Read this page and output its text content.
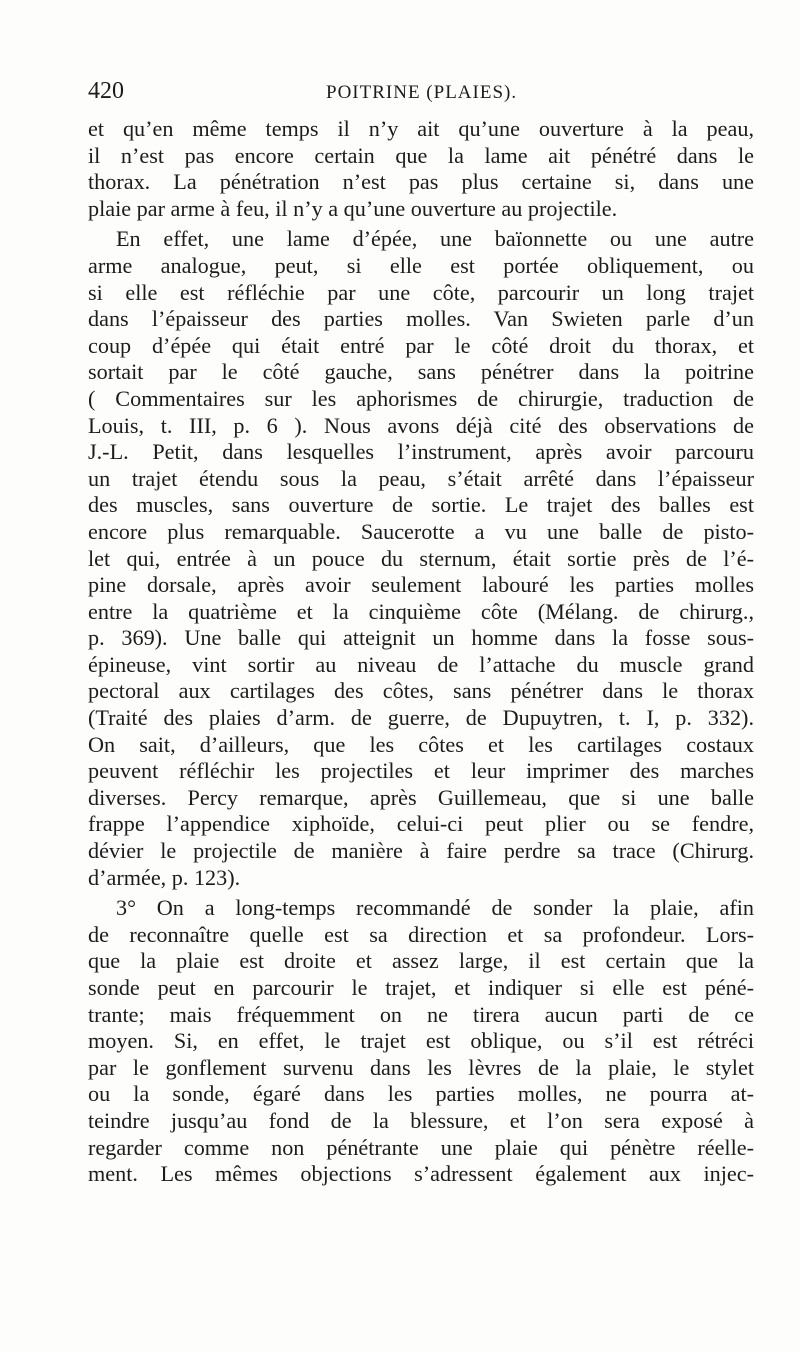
420	POITRINE (PLAIES).
et qu’en même temps il n’y ait qu’une ouverture à la peau,
il n’est pas encore certain que la lame ait pénétré dans le
thorax. La pénétration n’est pas plus certaine si, dans une
plaie par arme à feu, il n’y a qu’une ouverture au projectile.
En effet, une lame d’épée, une baïonnette ou une autre
arme analogue, peut, si elle est portée obliquement, ou
si elle est réfléchie par une côte, parcourir un long trajet
dans l’épaisseur des parties molles. Van Swieten parle d’un
coup d’épée qui était entré par le côté droit du thorax, et
sortait par le côté gauche, sans pénétrer dans la poitrine
( Commentaires sur les aphorismes de chirurgie, traduction de
Louis, t. III, p. 6 ). Nous avons déjà cité des observations de
J.-L. Petit, dans lesquelles l’instrument, après avoir parcouru
un trajet étendu sous la peau, s’était arrêté dans l’épaisseur
des muscles, sans ouverture de sortie. Le trajet des balles est
encore plus remarquable. Saucerotte a vu une balle de pisto-
let qui, entrée à un pouce du sternum, était sortie près de l’é-
pine dorsale, après avoir seulement labouré les parties molles
entre la quatrième et la cinquième côte (Mélang. de chirurg.,
p. 369). Une balle qui atteignit un homme dans la fosse sous-
épineuse, vint sortir au niveau de l’attache du muscle grand
pectoral aux cartilages des côtes, sans pénétrer dans le thorax
(Traité des plaies d’arm. de guerre, de Dupuytren, t. I, p. 332).
On sait, d’ailleurs, que les côtes et les cartilages costaux
peuvent réfléchir les projectiles et leur imprimer des marches
diverses. Percy remarque, après Guillemeau, que si une balle
frappe l’appendice xiphoïde, celui-ci peut plier ou se fendre,
dévier le projectile de manière à faire perdre sa trace (Chirurg.
d’armée, p. 123).
3° On a long-temps recommandé de sonder la plaie, afin
de reconnaître quelle est sa direction et sa profondeur. Lors-
que la plaie est droite et assez large, il est certain que la
sonde peut en parcourir le trajet, et indiquer si elle est péné-
trante; mais fréquemment on ne tirera aucun parti de ce
moyen. Si, en effet, le trajet est oblique, ou s’il est rétréci
par le gonflement survenu dans les lèvres de la plaie, le stylet
ou la sonde, égaré dans les parties molles, ne pourra at-
teindre jusqu’au fond de la blessure, et l’on sera exposé à
regarder comme non pénétrante une plaie qui pénètre réelle-
ment. Les mêmes objections s’adressent également aux injec-
